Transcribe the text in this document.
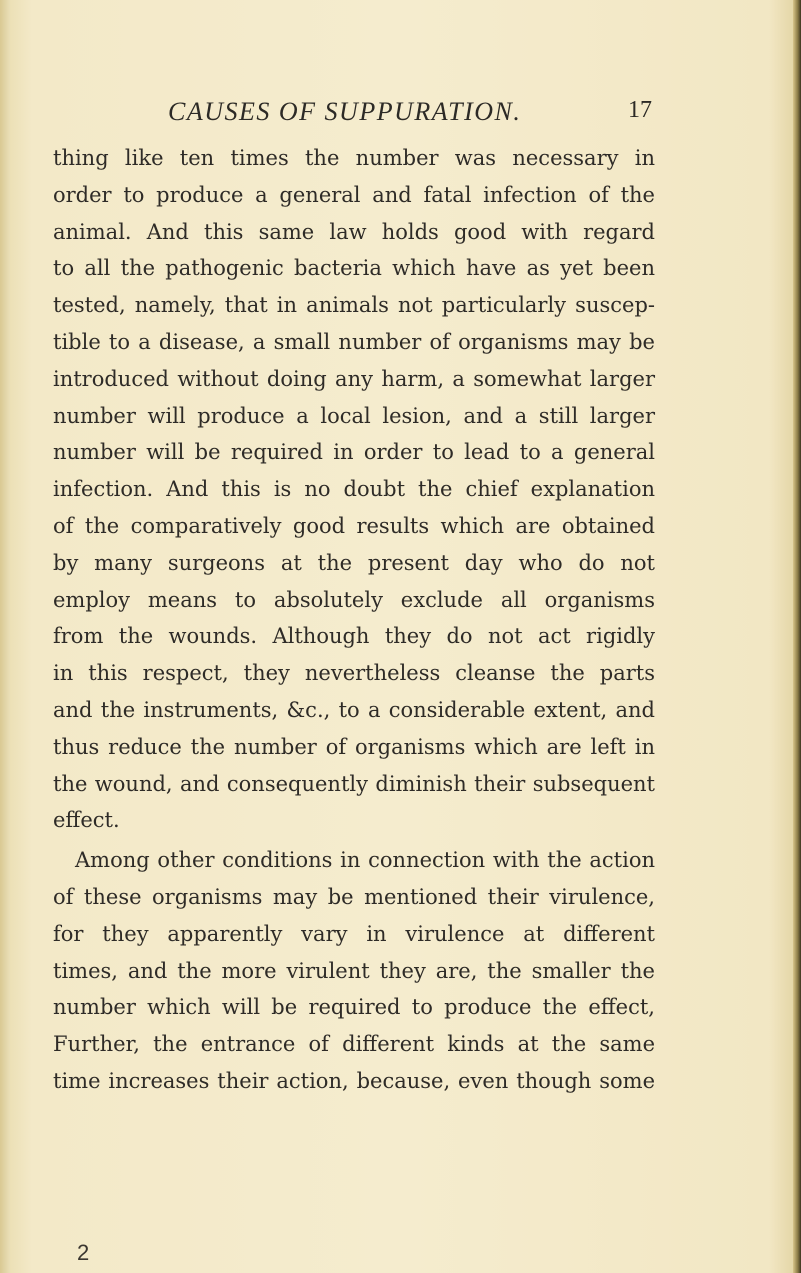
CAUSES OF SUPPURATION.	17
thing like ten times the number was necessary in
order to produce a general and fatal infection of the
animal. And this same law holds good with regard
to all the pathogenic bacteria which have as yet been
tested, namely, that in animals not particularly suscep-
tible to a disease, a small number of organisms may be
introduced without doing any harm, a somewhat larger
number will produce a local lesion, and a still larger
number will be required in order to lead to a general
infection. And this is no doubt the chief explanation
of the comparatively good results which are obtained
by many surgeons at the present day who do not
employ means to absolutely exclude all organisms
from the wounds. Although they do not act rigidly
in this respect, they nevertheless cleanse the parts
and the instruments, &c., to a considerable extent, and
thus reduce the number of organisms which are left in
the wound, and consequently diminish their subsequent
effect.
Among other conditions in connection with the action
of these organisms may be mentioned their virulence,
for they apparently vary in virulence at different
times, and the more virulent they are, the smaller the
number which will be required to produce the effect,
Further, the entrance of different kinds at the same
time increases their action, because, even though some
2
